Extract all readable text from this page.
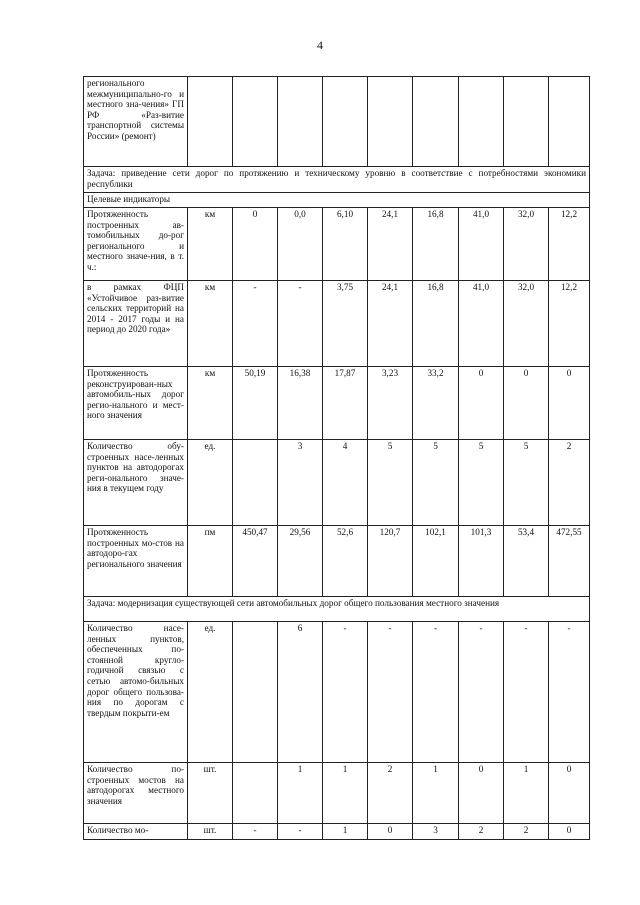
4
регионального межмуниципально-го и местного зна-чения» ГП РФ «Раз-витие транспортной системы России» (ремонт)									
Задача: приведение сети дорог по протяжению и техническому уровню в соответствие с потребностями экономики республики									
Целевые индикаторы									
Протяженность построенных ав-томобильных до-рог регионального и местного значе-ния, в т. ч.:	км	0	0,0	6,10	24,1	16,8	41,0	32,0	12,2
в рамках ФЦП «Устойчивое раз-витие сельских территорий на 2014 - 2017 годы и на период до 2020 года»	км	-	-	3,75	24,1	16,8	41,0	32,0	12,2
Протяженность реконструирован-ных автомобиль-ных дорог регио-нального и мест-ного значения	км	50,19	16,38	17,87	3,23	33,2	0	0	0
Количество обу-строенных насе-ленных пунктов на автодорогах реги-онального значе-ния в текущем году	ед.		3	4	5	5	5	5	2
Протяженность построенных мо-стов на автодоро-гах регионального значения	пм	450,47	29,56	52,6	120,7	102,1	101,3	53,4	472,55
Задача: модернизация существующей сети автомобильных дорог общего пользования местного значения									
Количество насе-ленных пунктов, обеспеченных по-стоянной кругло-годичной связью с сетью автомо-бильных дорог общего пользова-ния по дорогам с твердым покрыти-ем	ед.		6	-	-	-	-	-	-
Количество по-строенных мостов на автодорогах местного значения	шт.		1	1	2	1	0	1	0
Количество мо-	шт.	-	-	1	0	3	2	2	0
